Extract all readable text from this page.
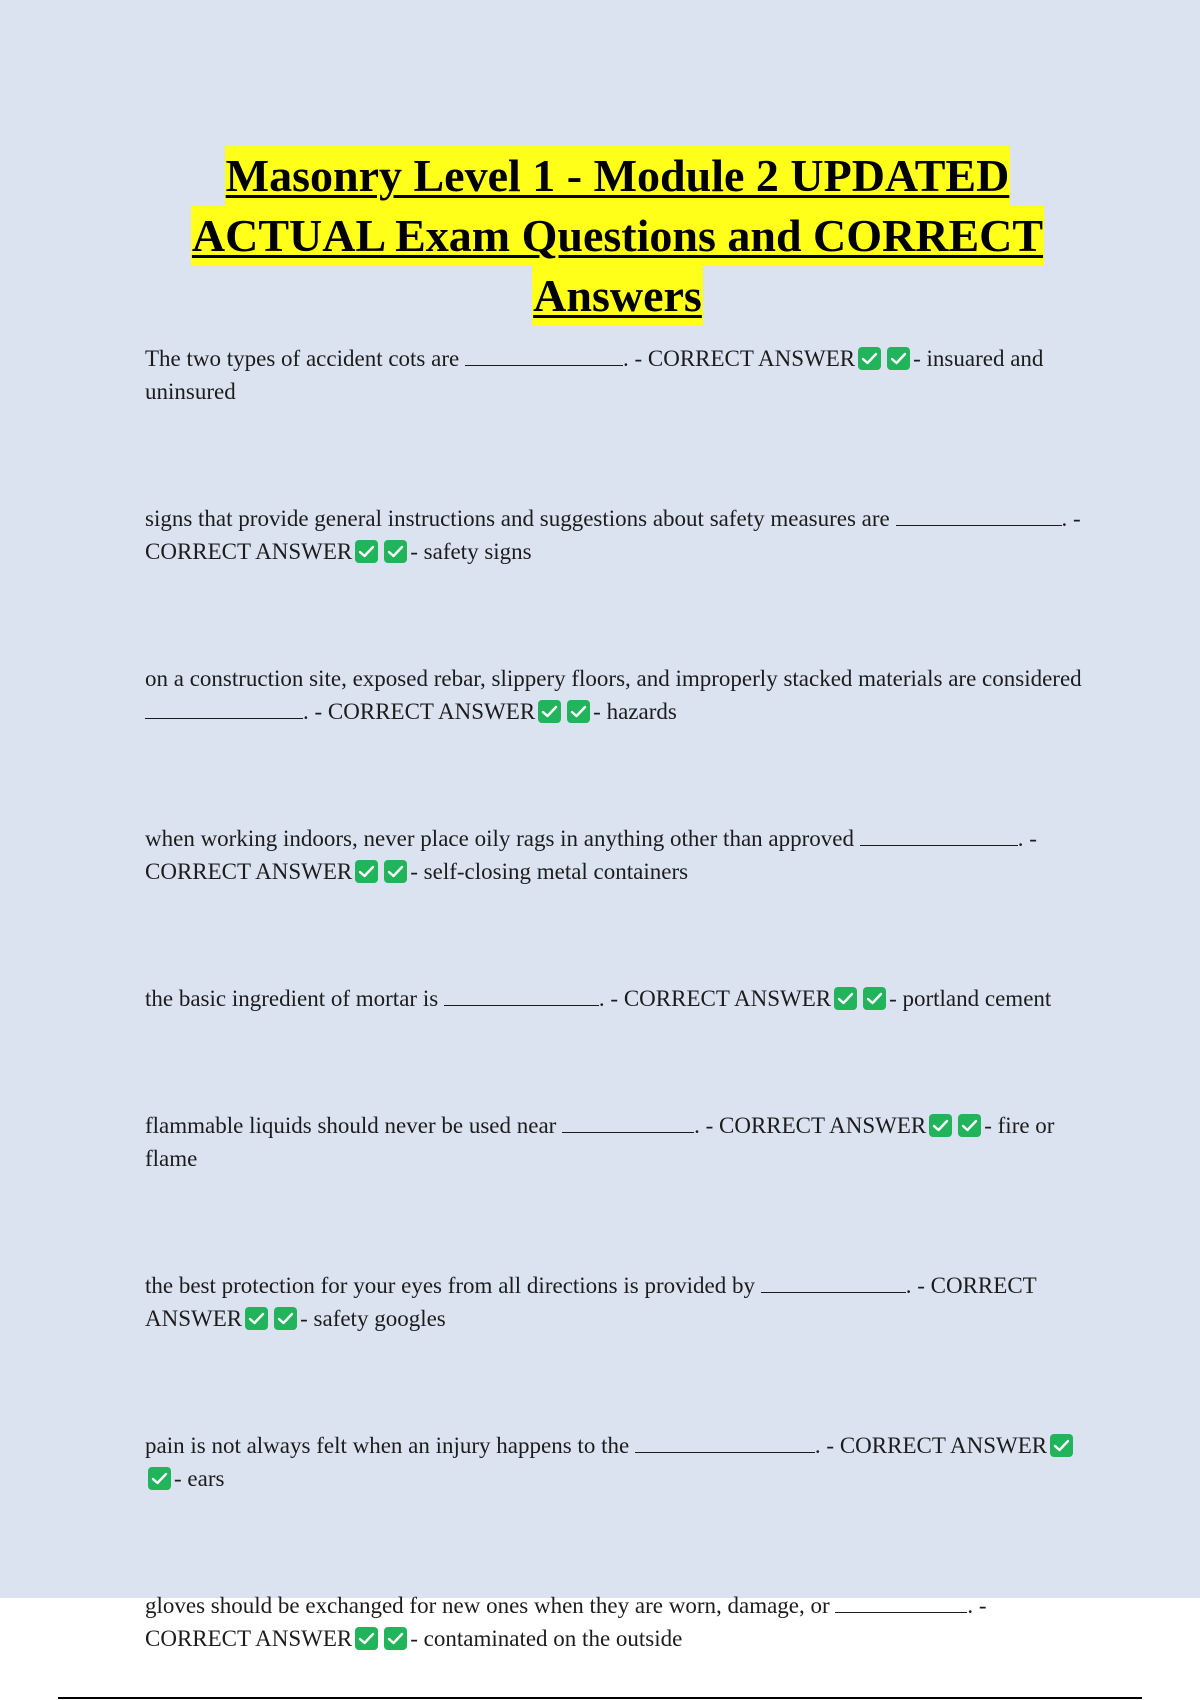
Masonry Level 1 - Module 2 UPDATED
ACTUAL Exam Questions and CORRECT
Answers

The two types of accident cots are	. - CORRECT ANSWER	- insuared and uninsured

signs that provide general instructions and suggestions about safety measures are	. - CORRECT ANSWER	- safety signs

on a construction site, exposed rebar, slippery floors, and improperly stacked materials are considered . - CORRECT ANSWER	- hazards

when working indoors, never place oily rags in anything other than approved	. - CORRECT ANSWER	- self-closing metal containers

the basic ingredient of mortar is	. - CORRECT ANSWER	- portland cement

flammable liquids should never be used near	. - CORRECT ANSWER	- fire or flame

the best protection for your eyes from all directions is provided by	. - CORRECT ANSWER	- safety googles

pain is not always felt when an injury happens to the	. - CORRECT ANSWER
- ears

gloves should be exchanged for new ones when they are worn, damage, or	. - CORRECT ANSWER	- contaminated on the outside
